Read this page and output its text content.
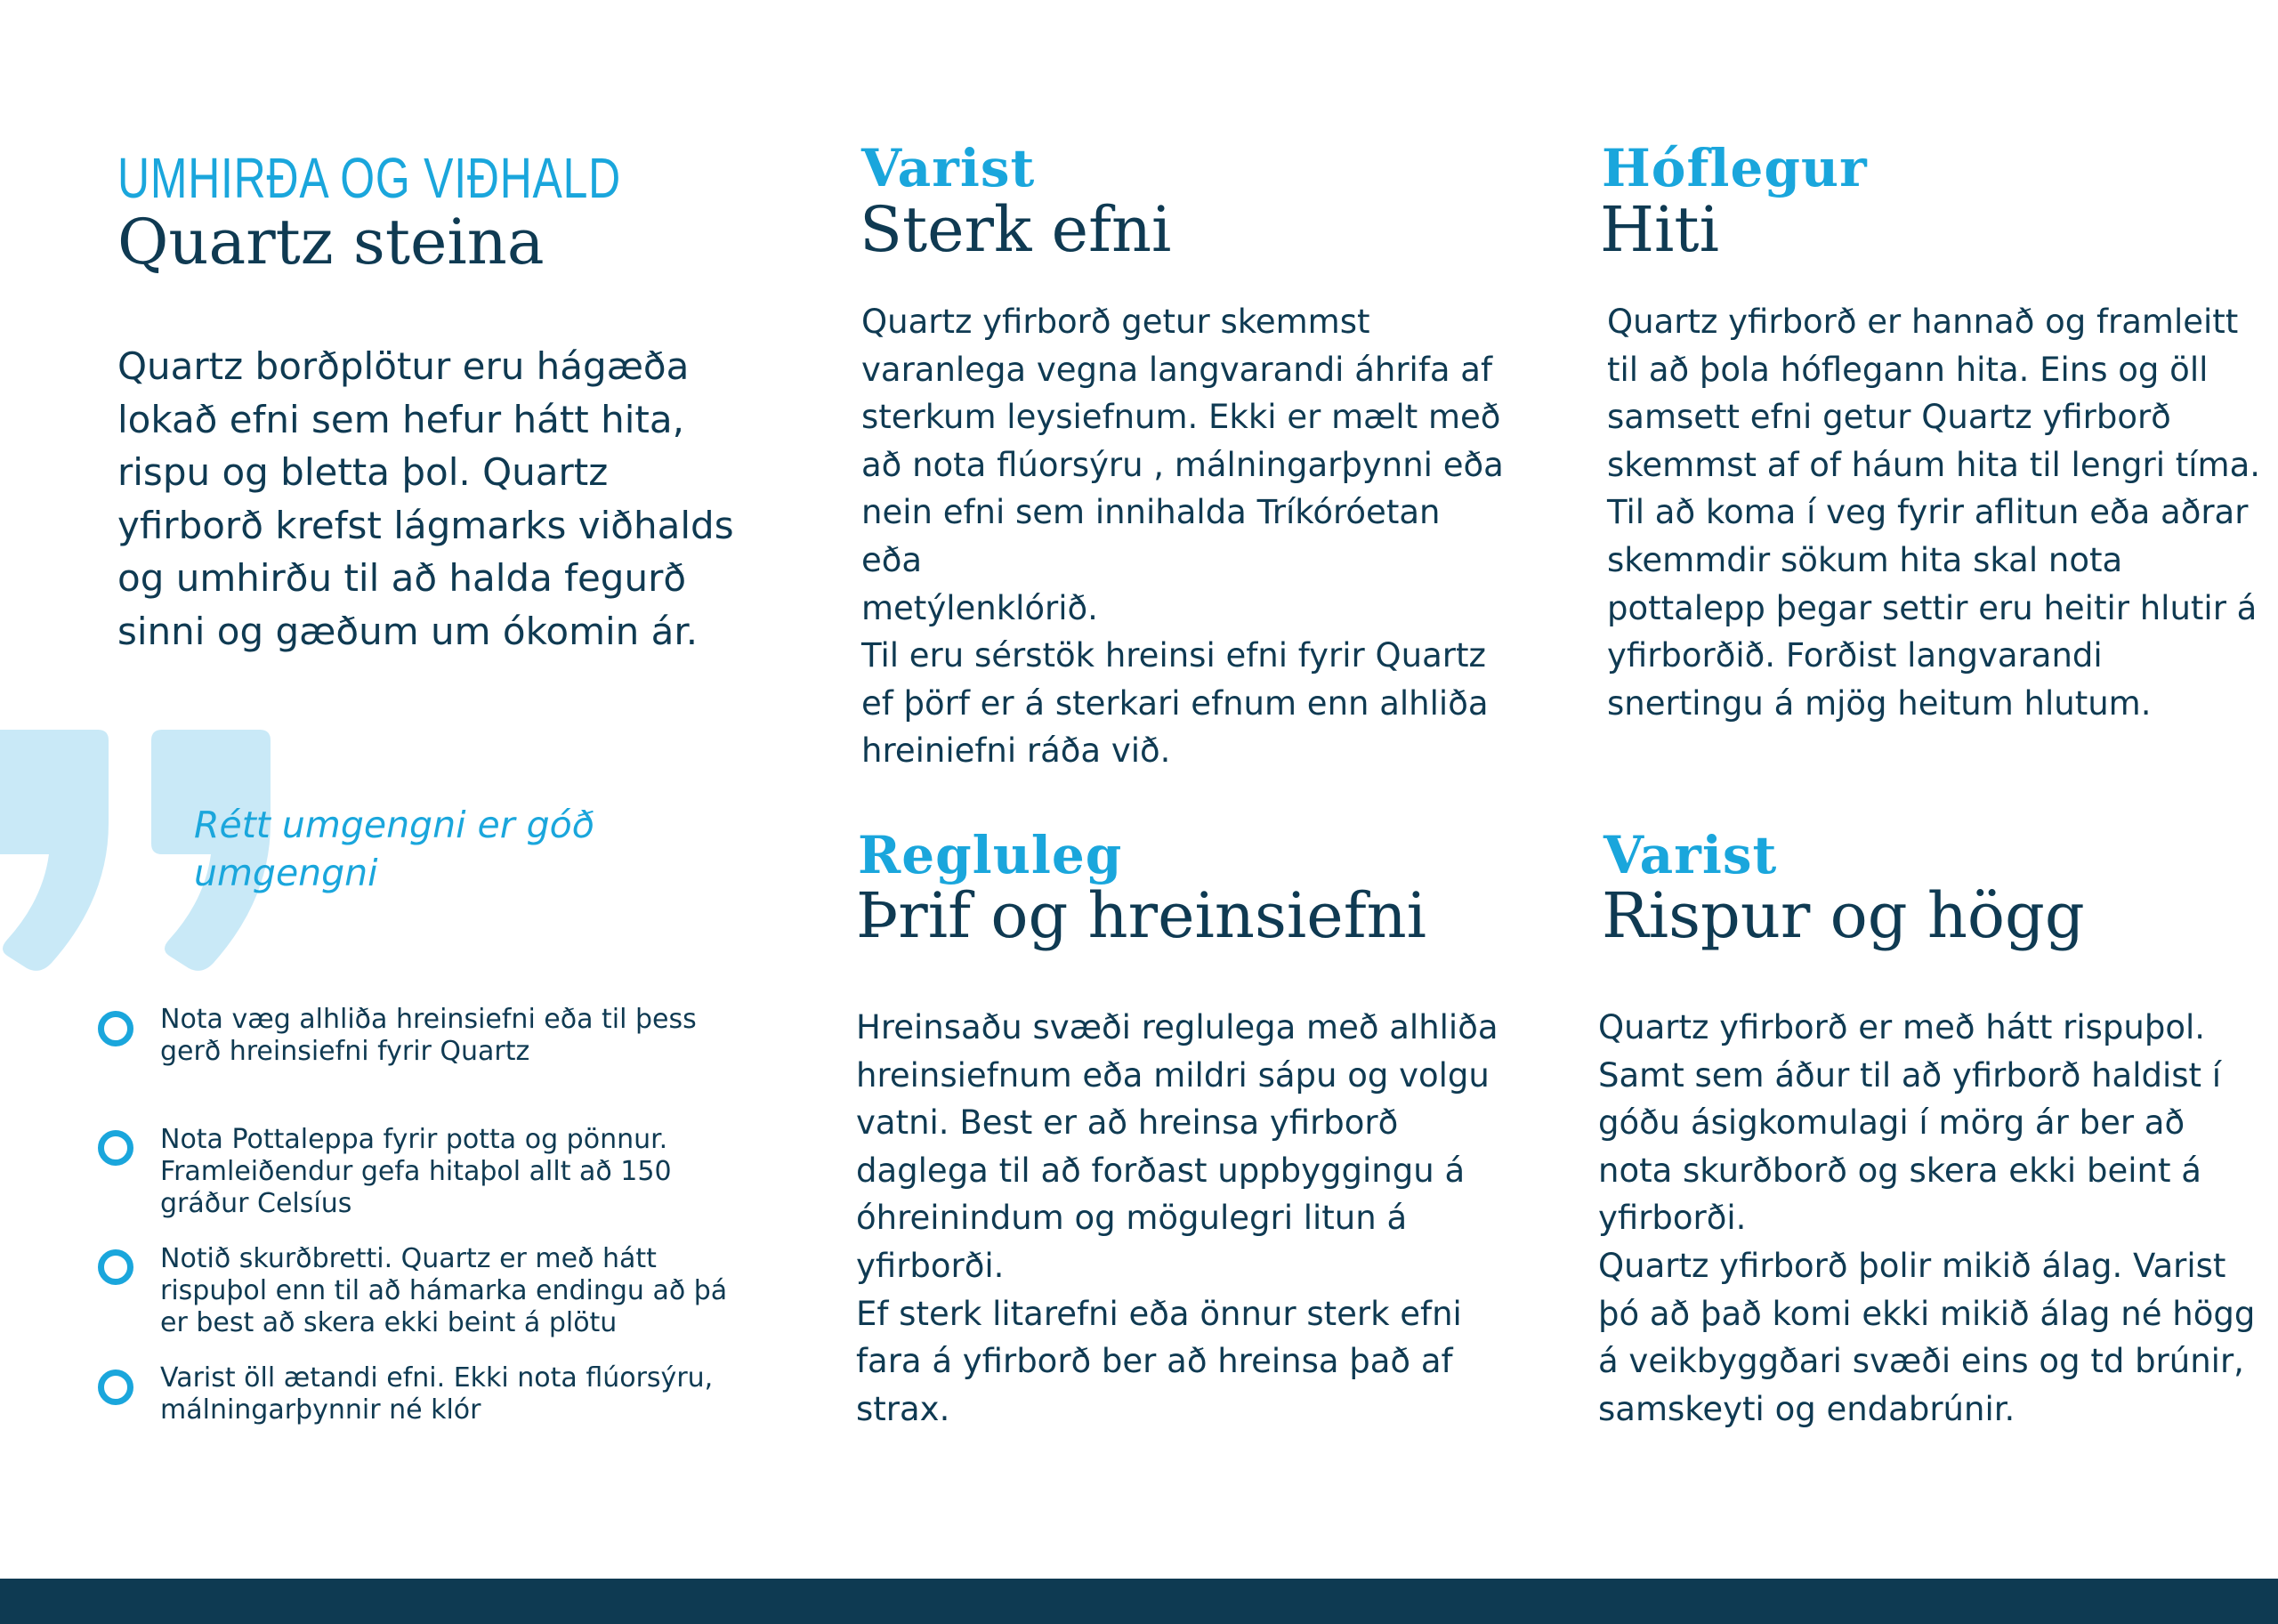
UMHIRÐA OG VIÐHALD
Quartz steina
Quartz borðplötur eru hágæða
lokað efni sem hefur hátt hita,
rispu og bletta þol. Quartz
yfirborð krefst lágmarks viðhalds
og umhirðu til að halda fegurð
sinni og gæðum um ókomin ár.
Rétt umgengni er góð
umgengni
Nota væg alhliða hreinsiefni eða til þess
gerð hreinsiefni fyrir Quartz
Nota Pottaleppa fyrir potta og pönnur.
Framleiðendur gefa hitaþol allt að 150
gráður Celsíus
Notið skurðbretti. Quartz er með hátt
rispuþol enn til að hámarka endingu að þá
er best að skera ekki beint á plötu
Varist öll ætandi efni. Ekki nota flúorsýru,
málningarþynnir né klór
Varist
Sterk efni
Quartz yfirborð getur skemmst
varanlega vegna langvarandi áhrifa af
sterkum leysiefnum. Ekki er mælt með
að nota flúorsýru , málningarþynni eða
nein efni sem innihalda Tríkóróetan eða
metýlenklórið.
Til eru sérstök hreinsi efni fyrir Quartz
ef þörf er á sterkari efnum enn alhliða
hreiniefni ráða við.
Hóflegur
Hiti
Quartz yfirborð er hannað og framleitt
til að þola hóflegann hita. Eins og öll
samsett efni getur Quartz yfirborð
skemmst af of háum hita til lengri tíma.
Til að koma í veg fyrir aflitun eða aðrar
skemmdir sökum hita skal nota
pottalepp þegar settir eru heitir hlutir á
yfirborðið. Forðist langvarandi
snertingu á mjög heitum hlutum.
Regluleg
Þrif og hreinsiefni
Hreinsaðu svæði reglulega með alhliða
hreinsiefnum eða mildri sápu og volgu
vatni. Best er að hreinsa yfirborð
daglega til að forðast uppbyggingu á
óhreinindum og mögulegri litun á
yfirborði.
Ef sterk litarefni eða önnur sterk efni
fara á yfirborð ber að hreinsa það af
strax.
Varist
Rispur og högg
Quartz yfirborð er með hátt rispuþol.
Samt sem áður til að yfirborð haldist í
góðu ásigkomulagi í mörg ár ber að
nota skurðborð og skera ekki beint á
yfirborði.
Quartz yfirborð þolir mikið álag. Varist
þó að það komi ekki mikið álag né högg
á veikbyggðari svæði eins og td brúnir,
samskeyti og endabrúnir.
